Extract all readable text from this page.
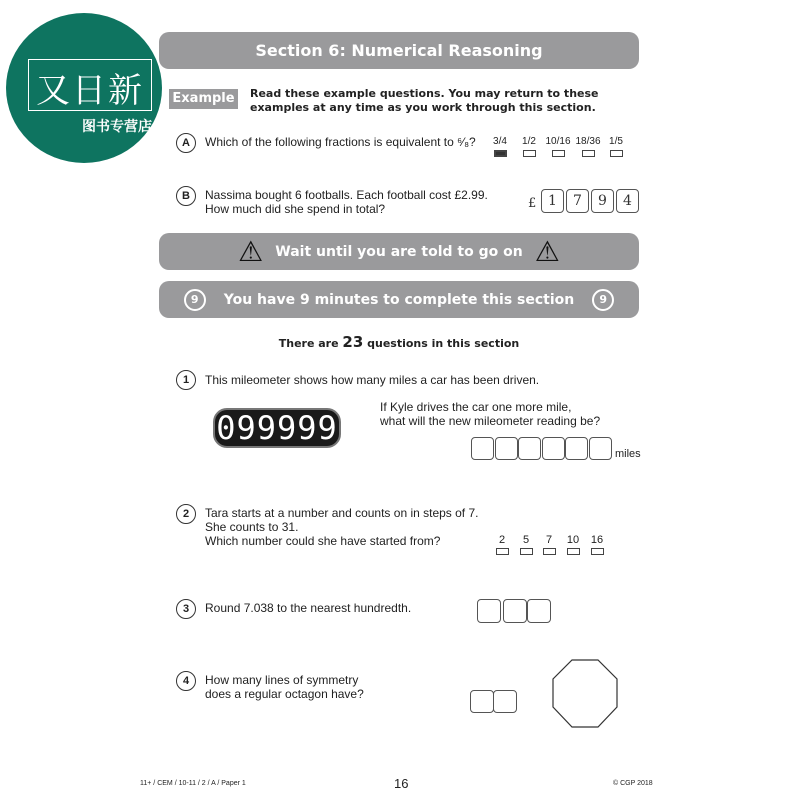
又日新
图书专营店
Section 6: Numerical Reasoning
Example	Read these example questions. You may return to these
examples at any time as you work through this section.
A	Which of the following fractions is equivalent to ⁶⁄₈?	3/4	1/2 10/16 18/36 1/5
B	Nassima bought 6 footballs. Each football cost £2.99.
How much did she spend in total?	£ 1	7	9	4
⚠ Wait until you are told to go on ⚠
9	You have 9 minutes to complete this section	9
There are 23 questions in this section
1	This mileometer shows how many miles a car has been driven.
099999
If Kyle drives the car one more mile,
what will the new mileometer reading be?
miles
2	Tara starts at a number and counts on in steps of 7.
She counts to 31.
Which number could she have started from?	2	5	7	10	16
3	Round 7.038 to the nearest hundredth.
4	How many lines of symmetry
does a regular octagon have?
11+ / CEM / 10-11 / 2 / A / Paper 1	16	© CGP 2018
